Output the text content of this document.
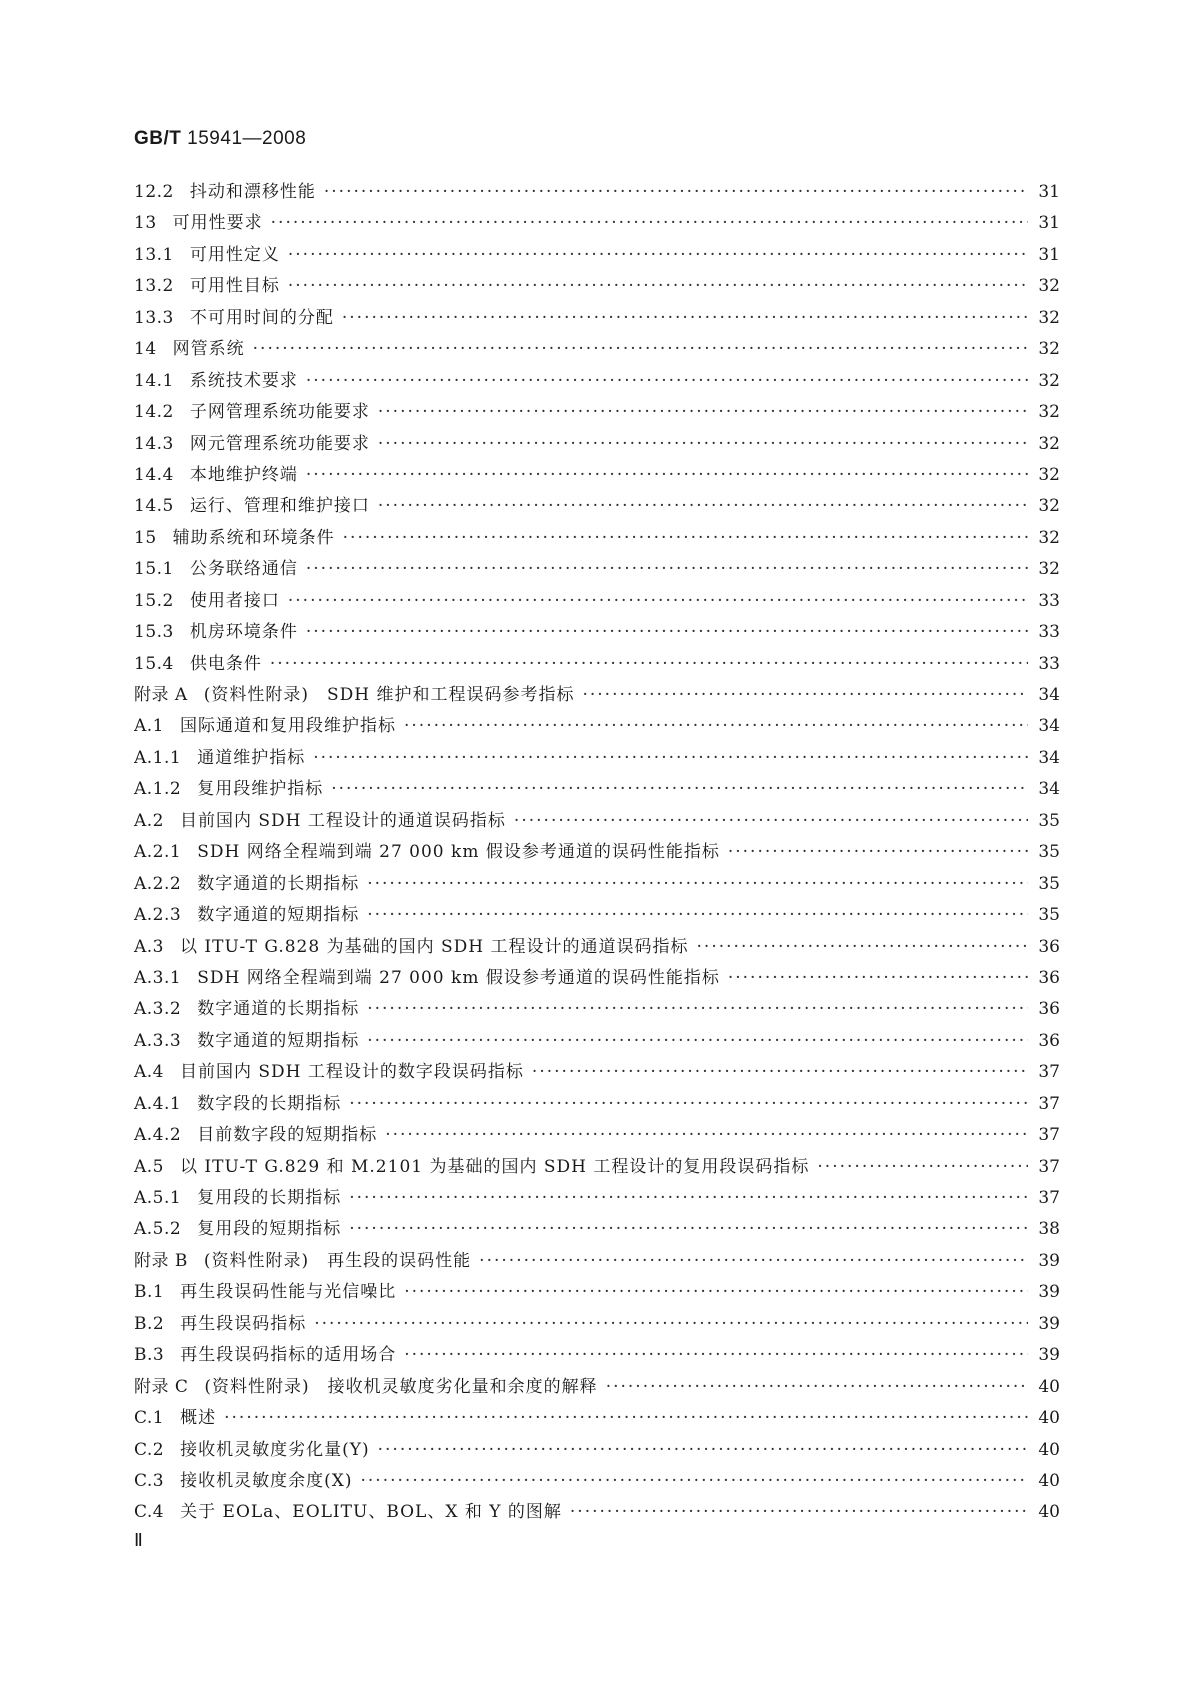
GB/T 15941—2008
12.2 抖动和漂移性能 ·····	31
13 可用性要求 ·····	31
13.1 可用性定义 ·····	31
13.2 可用性目标 ·····	32
13.3 不可用时间的分配 ·····	32
14 网管系统 ·····	32
14.1 系统技术要求 ·····	32
14.2 子网管理系统功能要求 ·····	32
14.3 网元管理系统功能要求 ·····	32
14.4 本地维护终端 ·····	32
14.5 运行、管理和维护接口 ·····	32
15 辅助系统和环境条件 ·····	32
15.1 公务联络通信 ·····	32
15.2 使用者接口 ·····	33
15.3 机房环境条件 ·····	33
15.4 供电条件 ·····	33
附录 A (资料性附录)　SDH 维护和工程误码参考指标 ·····	34
A.1 国际通道和复用段维护指标 ·····	34
A.1.1 通道维护指标 ·····	34
A.1.2 复用段维护指标 ·····	34
A.2 目前国内 SDH 工程设计的通道误码指标 ·····	35
A.2.1 SDH 网络全程端到端 27 000 km 假设参考通道的误码性能指标 ·····	35
A.2.2 数字通道的长期指标 ·····	35
A.2.3 数字通道的短期指标 ·····	35
A.3 以 ITU-T G.828 为基础的国内 SDH 工程设计的通道误码指标 ·····	36
A.3.1 SDH 网络全程端到端 27 000 km 假设参考通道的误码性能指标 ·····	36
A.3.2 数字通道的长期指标 ·····	36
A.3.3 数字通道的短期指标 ·····	36
A.4 目前国内 SDH 工程设计的数字段误码指标 ·····	37
A.4.1 数字段的长期指标 ·····	37
A.4.2 目前数字段的短期指标 ·····	37
A.5 以 ITU-T G.829 和 M.2101 为基础的国内 SDH 工程设计的复用段误码指标 ·····	37
A.5.1 复用段的长期指标 ·····	37
A.5.2 复用段的短期指标 ·····	38
附录 B (资料性附录)　再生段的误码性能 ·····	39
B.1 再生段误码性能与光信噪比 ·····	39
B.2 再生段误码指标 ·····	39
B.3 再生段误码指标的适用场合 ·····	39
附录 C (资料性附录)　接收机灵敏度劣化量和余度的解释 ·····	40
C.1 概述 ·····	40
C.2 接收机灵敏度劣化量(Y) ·····	40
C.3 接收机灵敏度余度(X) ·····	40
C.4 关于 EOLa、EOLITU、BOL、X 和 Y 的图解 ·····	40
Ⅱ
